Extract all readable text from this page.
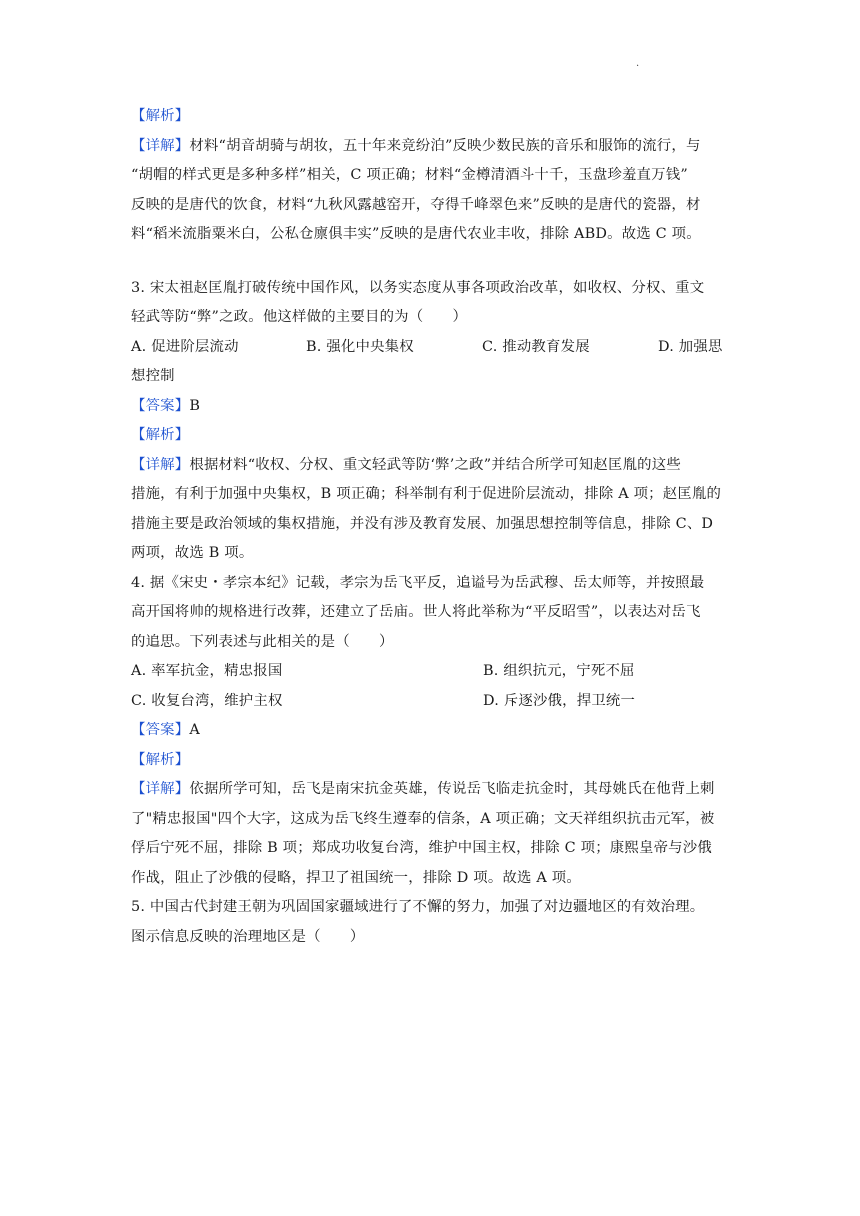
.
【解析】
【详解】材料“胡音胡骑与胡妆，五十年来竞纷泊”反映少数民族的音乐和服饰的流行，与
“胡帽的样式更是多种多样”相关，C 项正确；材料“金樽清酒斗十千，玉盘珍羞直万钱”
反映的是唐代的饮食，材料“九秋风露越窑开，夺得千峰翠色来”反映的是唐代的瓷器，材
料“稻米流脂粟米白，公私仓廪俱丰实”反映的是唐代农业丰收，排除 ABD。故选 C 项。
3. 宋太祖赵匡胤打破传统中国作风，以务实态度从事各项政治改革，如收权、分权、重文
轻武等防“弊”之政。他这样做的主要目的为（　　）
A. 促进阶层流动	B. 强化中央集权	C. 推动教育发展	D. 加强思
想控制
【答案】B
【解析】
【详解】根据材料“收权、分权、重文轻武等防‘弊’之政”并结合所学可知赵匡胤的这些
措施，有利于加强中央集权，B 项正确；科举制有利于促进阶层流动，排除 A 项；赵匡胤的
措施主要是政治领域的集权措施，并没有涉及教育发展、加强思想控制等信息，排除 C、D
两项，故选 B 项。
4. 据《宋史・孝宗本纪》记载，孝宗为岳飞平反，追谥号为岳武穆、岳太师等，并按照最
高开国将帅的规格进行改葬，还建立了岳庙。世人将此举称为“平反昭雪”，以表达对岳飞
的追思。下列表述与此相关的是（　　）
A. 率军抗金，精忠报国	B. 组织抗元，宁死不屈
C. 收复台湾，维护主权	D. 斥逐沙俄，捍卫统一
【答案】A
【解析】
【详解】依据所学可知，岳飞是南宋抗金英雄，传说岳飞临走抗金时，其母姚氏在他背上刺
了"精忠报国"四个大字，这成为岳飞终生遵奉的信条，A 项正确；文天祥组织抗击元军，被
俘后宁死不屈，排除 B 项；郑成功收复台湾，维护中国主权，排除 C 项；康熙皇帝与沙俄
作战，阻止了沙俄的侵略，捍卫了祖国统一，排除 D 项。故选 A 项。
5. 中国古代封建王朝为巩固国家疆域进行了不懈的努力，加强了对边疆地区的有效治理。
图示信息反映的治理地区是（　　）
